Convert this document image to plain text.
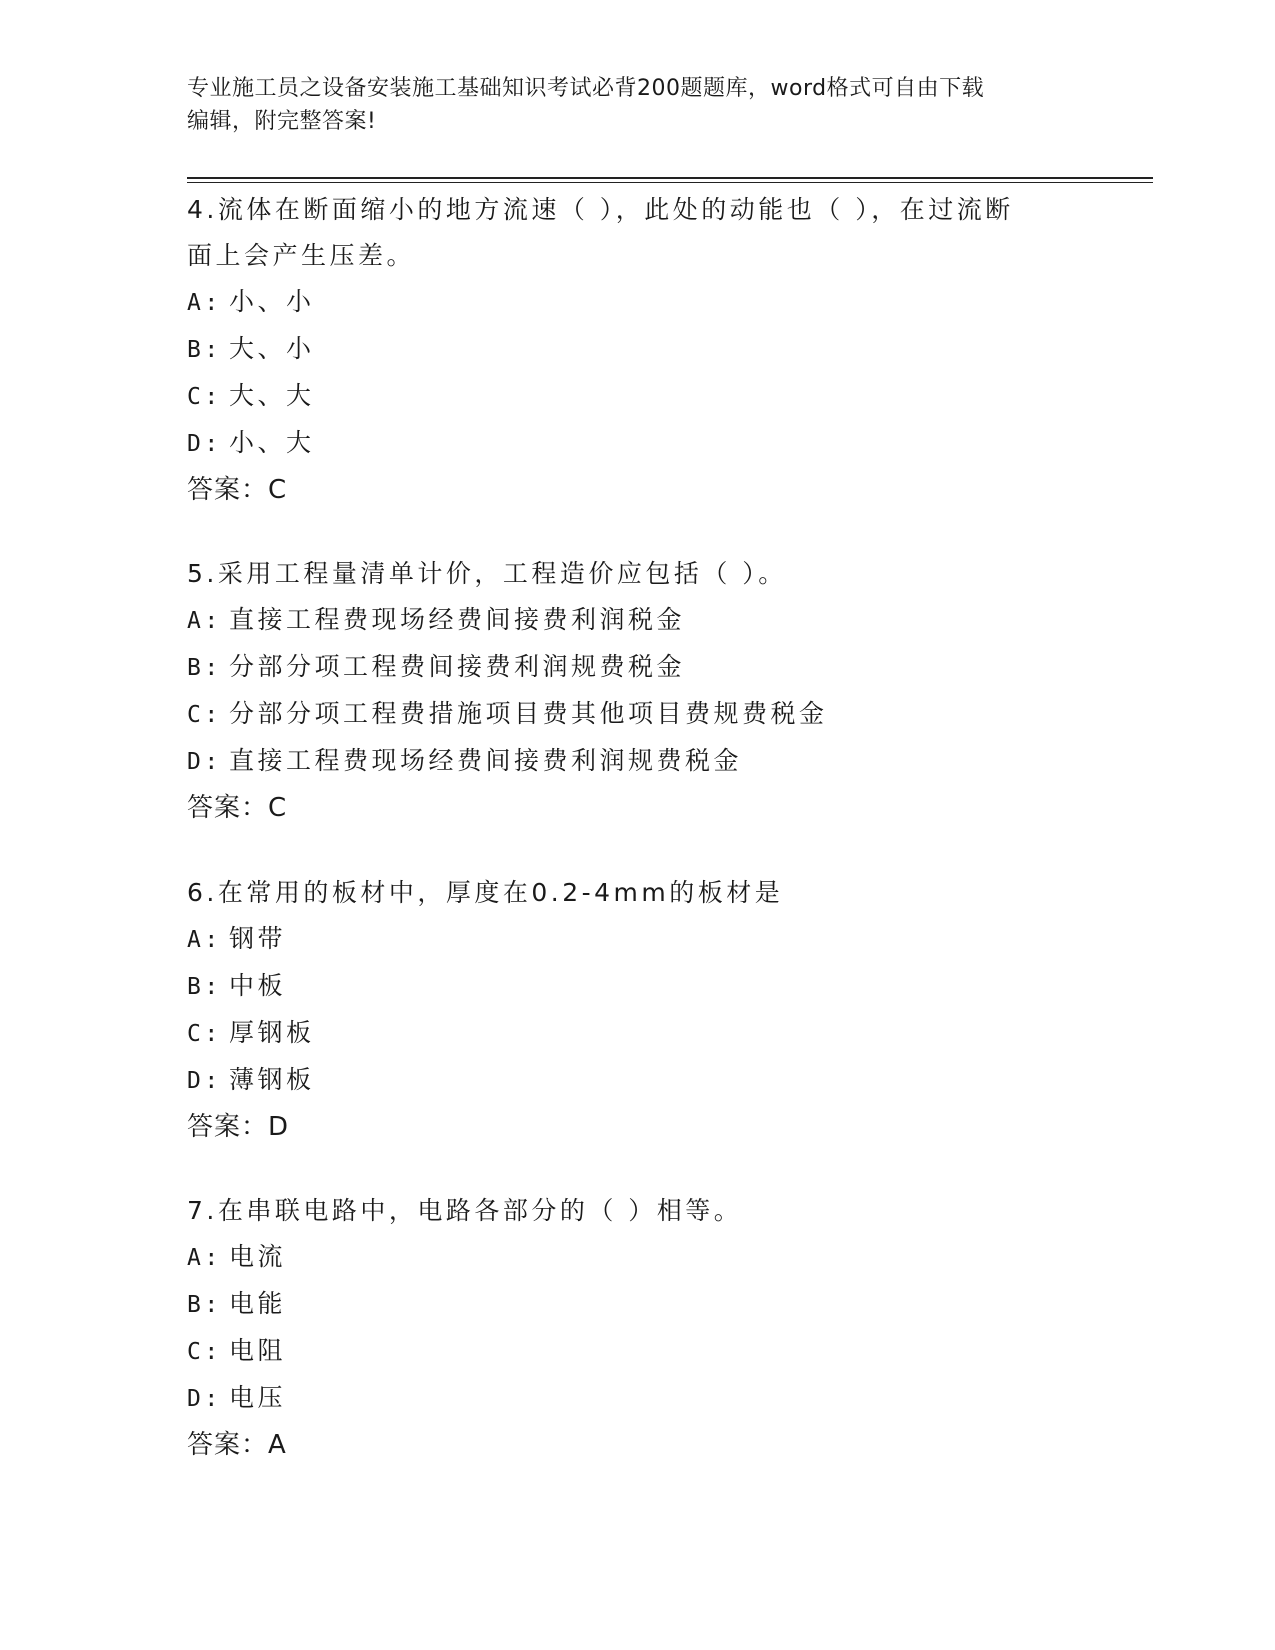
专业施工员之设备安装施工基础知识考试必背200题题库，word格式可自由下载
编辑，附完整答案!
4.流体在断面缩小的地方流速（ ），此处的动能也（ ），在过流断
面上会产生压差。
A: 小、小
B: 大、小
C: 大、大
D: 小、大
答案：C
5.采用工程量清单计价，工程造价应包括（ ）。
A: 直接工程费现场经费间接费利润税金
B: 分部分项工程费间接费利润规费税金
C: 分部分项工程费措施项目费其他项目费规费税金
D: 直接工程费现场经费间接费利润规费税金
答案：C
6.在常用的板材中，厚度在0.2-4mm的板材是
A: 钢带
B: 中板
C: 厚钢板
D: 薄钢板
答案：D
7.在串联电路中，电路各部分的（ ）相等。
A: 电流
B: 电能
C: 电阻
D: 电压
答案：A
